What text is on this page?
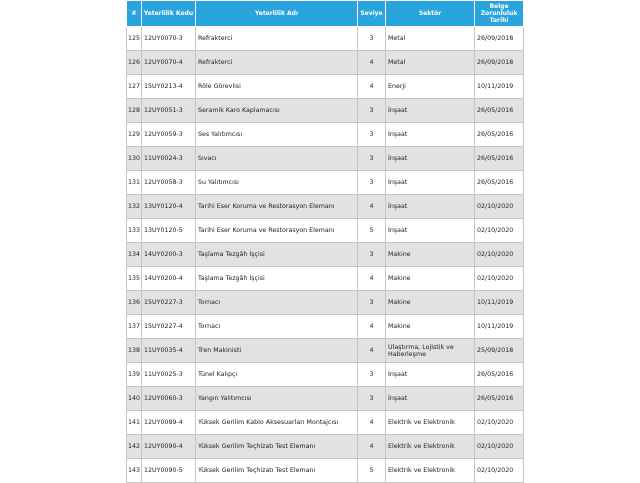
#	Yeterlilik Kodu	Yeterlilik Adı	Seviye	Sektör	Belge Zorunluluk Tarihi
125	12UY0070-3	Refrakterci	3	Metal	26/09/2018
126	12UY0070-4	Refrakterci	4	Metal	26/09/2018
127	15UY0213-4	Röle Görevlisi	4	Enerji	10/11/2019
128	12UY0051-3	Seramik Karo Kaplamacısı	3	İnşaat	26/05/2016
129	12UY0059-3	Ses Yalıtımcısı	3	İnşaat	26/05/2016
130	11UY0024-3	Sıvacı	3	İnşaat	26/05/2016
131	12UY0058-3	Su Yalıtımcısı	3	İnşaat	26/05/2016
132	13UY0120-4	Tarihi Eser Koruma ve Restorasyon Elemanı	4	İnşaat	02/10/2020
133	13UY0120-5	Tarihi Eser Koruma ve Restorasyon Elemanı	5	İnşaat	02/10/2020
134	14UY0200-3	Taşlama Tezgâh İşçisi	3	Makine	02/10/2020
135	14UY0200-4	Taşlama Tezgâh İşçisi	4	Makine	02/10/2020
136	15UY0227-3	Tornacı	3	Makine	10/11/2019
137	15UY0227-4	Tornacı	4	Makine	10/11/2019
138	11UY0035-4	Tren Makinisti	4	Ulaştırma, Lojistik ve Haberleşme	25/09/2018
139	11UY0025-3	Tünel Kalıpçı	3	İnşaat	26/05/2016
140	12UY0060-3	Yangın Yalıtımcısı	3	İnşaat	26/05/2016
141	12UY0089-4	Yüksek Gerilim Kablo Aksesuarları Montajcısı	4	Elektrik ve Elektronik	02/10/2020
142	12UY0090-4	Yüksek Gerilim Teçhizatı Test Elemanı	4	Elektrik ve Elektronik	02/10/2020
143	12UY0090-5	Yüksek Gerilim Teçhizatı Test Elemanı	5	Elektrik ve Elektronik	02/10/2020
